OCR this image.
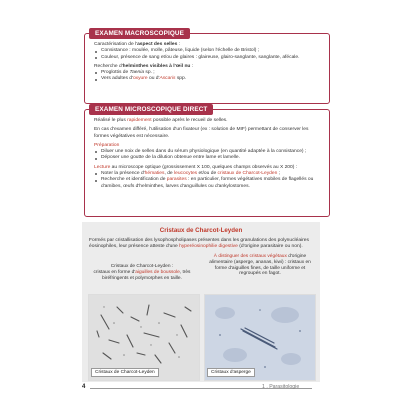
EXAMEN MACROSCOPIQUE

Caractérisation de l'aspect des selles :

Consistance : moulée, molle, pâteuse, liquide (selon l'échelle de Bristol) ;
Couleur, présence de sang et/ou de glaires : glaireuse, glairo-sanglante, sanglante, afécale.

Recherche d'helminthes visibles à l'œil nu :

Proglottis de Taenia sp. ;
Vers adultes d'oxyure ou d'Ascaris spp.
EXAMEN MICROSCOPIQUE DIRECT

Réalisé le plus rapidement possible après le recueil de selles.

En cas d'examen différé, l'utilisation d'un fixateur (ex : solution de MIF) permettant de conserver les formes végétatives est nécessaire.

Préparation

Diluer une noix de selles dans du sérum physiologique (en quantité adaptée à la consistance) ;
Déposer une goutte de la dilution obtenue entre lame et lamelle.

Lecture au microscope optique (grossissement X 100, quelques champs observés au X 200) :

Noter la présence d'hématies, de leucocytes et/ou de cristaux de Charcot-Leyden ;
Recherche et identification de parasites : en particulier, formes végétatives mobiles de flagellés ou d'amibes, œufs d'helminthes, larves d'anguillules ou d'ankylostomes.
Cristaux de Charcot-Leyden
Formés par cristallisation des lysophospholipases présentes dans les granulations des polynucléaires éosinophiles, leur présence atteste d'une hyperéosinophilie digestive (d'origine parasitaire ou non).
Cristaux de Charcot-Leyden :
cristaux en forme d'aiguilles de boussole, très biréfringents et polymorphes en taille.
Cristaux de Charcot-Leyden
À distinguer des cristaux végétaux d'origine alimentaire (asperge, ananas, kiwi) : cristaux en forme d'aiguilles fines, de taille uniforme et regroupés en fagot.
Cristaux d'asperge
4	1 . Parasitologie
